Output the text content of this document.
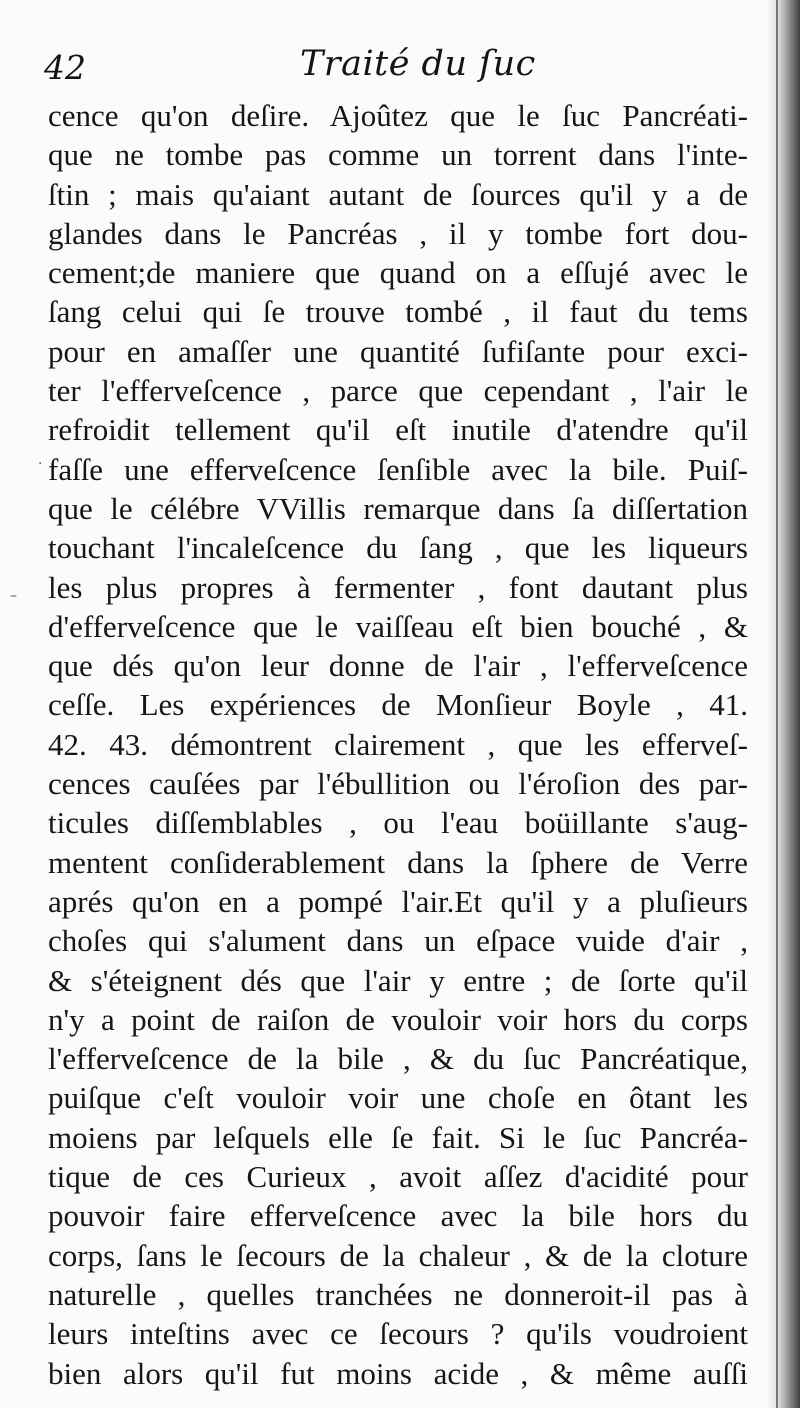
42	Traité du ſuc
cence qu'on deſire. Ajoûtez que le ſuc Pancréati-
que ne tombe pas comme un torrent dans l'inte-
ſtin ; mais qu'aiant autant de ſources qu'il y a de
glandes dans le Pancréas , il y tombe fort dou-
cement;de maniere que quand on a eſſujé avec le
ſang celui qui ſe trouve tombé , il faut du tems
pour en amaſſer une quantité ſufiſante pour exci-
ter l'efferveſcence , parce que cependant , l'air le
refroidit tellement qu'il eſt inutile d'atendre qu'il
faſſe une efferveſcence ſenſible avec la bile. Puiſ-
que le célébre VVillis remarque dans ſa diſſertation
touchant l'incaleſcence du ſang , que les liqueurs
les plus propres à fermenter , font dautant plus
d'efferveſcence que le vaiſſeau eſt bien bouché , &
que dés qu'on leur donne de l'air , l'efferveſcence
ceſſe. Les expériences de Monſieur Boyle , 41.
42. 43. démontrent clairement , que les efferveſ-
cences cauſées par l'ébullition ou l'éroſion des par-
ticules diſſemblables , ou l'eau boüillante s'aug-
mentent conſiderablement dans la ſphere de Verre
aprés qu'on en a pompé l'air.Et qu'il y a pluſieurs
choſes qui s'alument dans un eſpace vuide d'air ,
& s'éteignent dés que l'air y entre ; de ſorte qu'il
n'y a point de raiſon de vouloir voir hors du corps
l'efferveſcence de la bile , & du ſuc Pancréatique,
puiſque c'eſt vouloir voir une choſe en ôtant les
moiens par leſquels elle ſe fait. Si le ſuc Pancréa-
tique de ces Curieux , avoit aſſez d'acidité pour
pouvoir faire efferveſcence avec la bile hors du
corps, ſans le ſecours de la chaleur , & de la cloture
naturelle , quelles tranchées ne donneroit-il pas à
leurs inteſtins avec ce ſecours ? qu'ils voudroient
bien alors qu'il fut moins acide , & même auſſi
·
–
